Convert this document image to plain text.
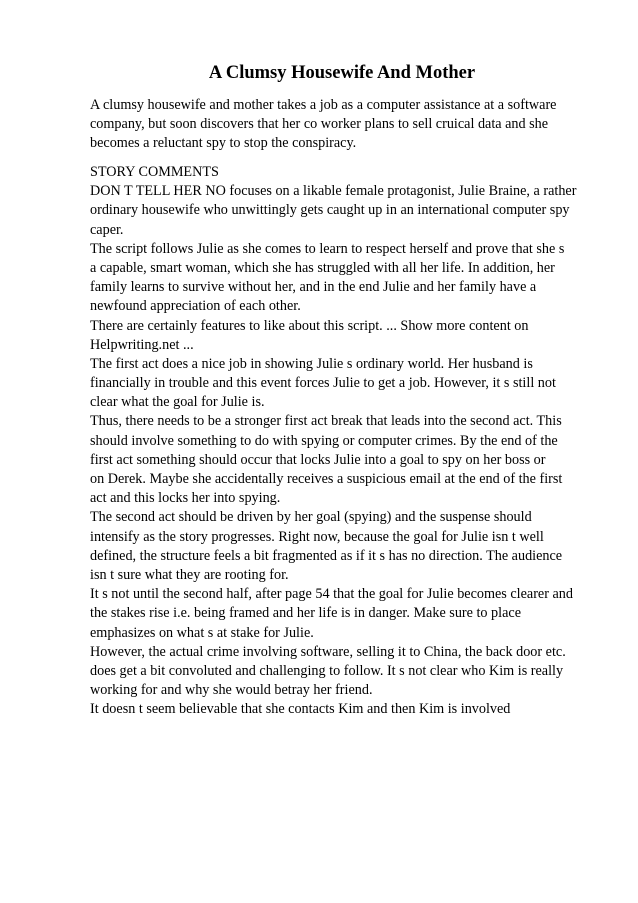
A Clumsy Housewife And Mother
A clumsy housewife and mother takes a job as a computer assistance at a software
company, but soon discovers that her co worker plans to sell cruical data and she
becomes a reluctant spy to stop the conspiracy.
STORY COMMENTS
DON T TELL HER NO focuses on a likable female protagonist, Julie Braine, a rather
ordinary housewife who unwittingly gets caught up in an international computer spy
caper.
The script follows Julie as she comes to learn to respect herself and prove that she s
a capable, smart woman, which she has struggled with all her life. In addition, her
family learns to survive without her, and in the end Julie and her family have a
newfound appreciation of each other.
There are certainly features to like about this script. ... Show more content on
Helpwriting.net ...
The first act does a nice job in showing Julie s ordinary world. Her husband is
financially in trouble and this event forces Julie to get a job. However, it s still not
clear what the goal for Julie is.
Thus, there needs to be a stronger first act break that leads into the second act. This
should involve something to do with spying or computer crimes. By the end of the
first act something should occur that locks Julie into a goal to spy on her boss or
on Derek. Maybe she accidentally receives a suspicious email at the end of the first
act and this locks her into spying.
The second act should be driven by her goal (spying) and the suspense should
intensify as the story progresses. Right now, because the goal for Julie isn t well
defined, the structure feels a bit fragmented as if it s has no direction. The audience
isn t sure what they are rooting for.
It s not until the second half, after page 54 that the goal for Julie becomes clearer and
the stakes rise i.e. being framed and her life is in danger. Make sure to place
emphasizes on what s at stake for Julie.
However, the actual crime involving software, selling it to China, the back door etc.
does get a bit convoluted and challenging to follow. It s not clear who Kim is really
working for and why she would betray her friend.
It doesn t seem believable that she contacts Kim and then Kim is involved
